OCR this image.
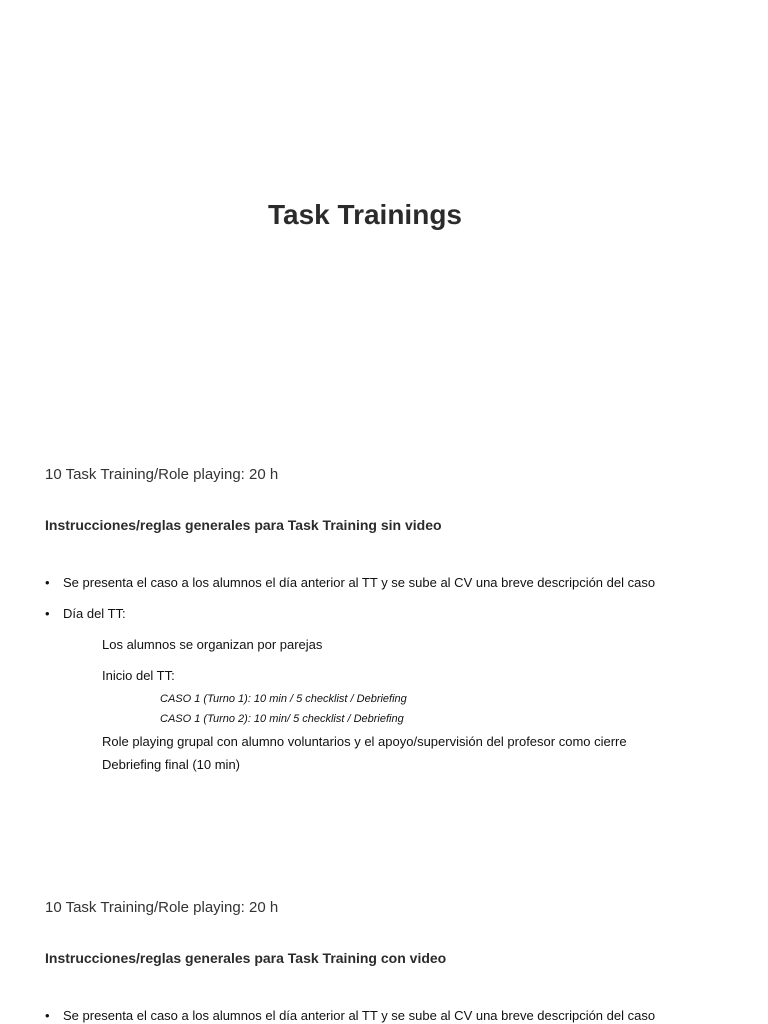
Task Trainings

10 Task Training/Role playing: 20 h

Instrucciones/reglas generales para Task Training sin video

• Se presenta el caso a los alumnos el día anterior al TT y se sube al CV una breve descripción del caso

• Día del TT:

Los alumnos se organizan por parejas

Inicio del TT:

CASO 1 (Turno 1): 10 min / 5 checklist / Debriefing

CASO 1 (Turno 2): 10 min/ 5 checklist / Debriefing

Role playing grupal con alumno voluntarios y el apoyo/supervisión del profesor como cierre

Debriefing final (10 min)

10 Task Training/Role playing: 20 h

Instrucciones/reglas generales para Task Training con video

• Se presenta el caso a los alumnos el día anterior al TT y se sube al CV una breve descripción del caso
